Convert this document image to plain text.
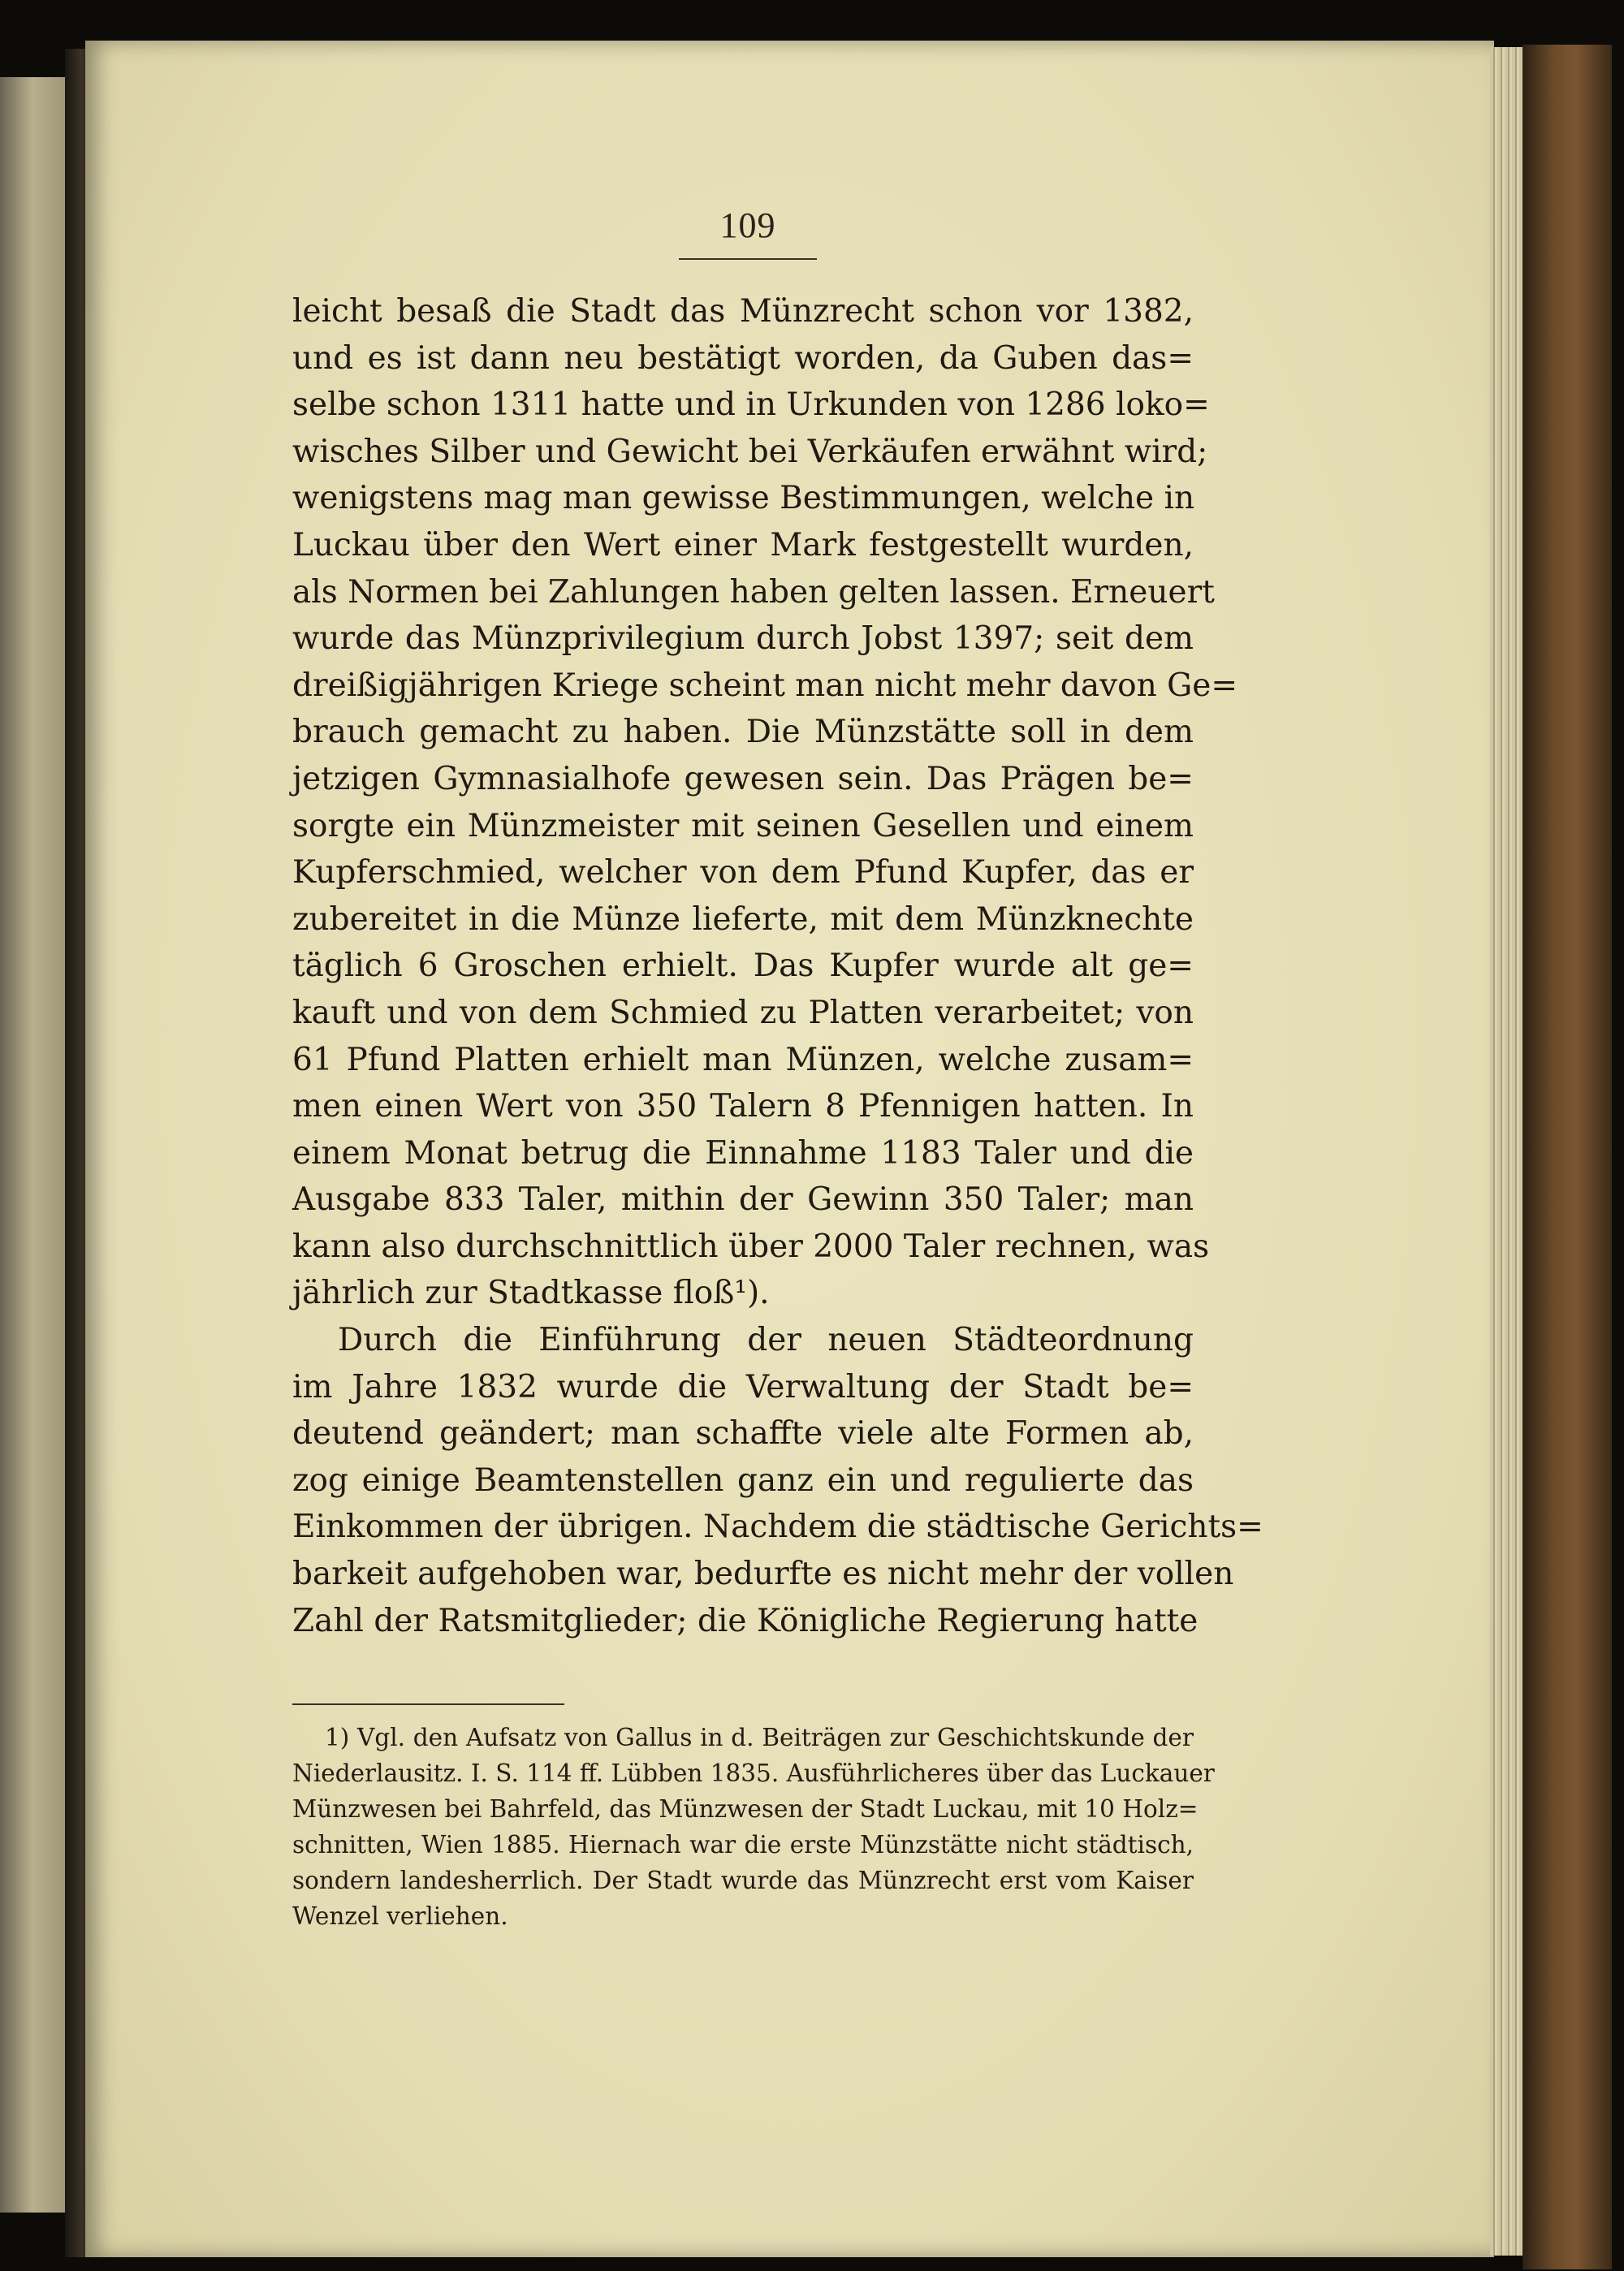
109
leicht besaß die Stadt das Münzrecht schon vor 1382,
und es ist dann neu bestätigt worden, da Guben das=
selbe schon 1311 hatte und in Urkunden von 1286 loko=
wisches Silber und Gewicht bei Verkäufen erwähnt wird;
wenigstens mag man gewisse Bestimmungen, welche in
Luckau über den Wert einer Mark festgestellt wurden,
als Normen bei Zahlungen haben gelten lassen. Erneuert
wurde das Münzprivilegium durch Jobst 1397; seit dem
dreißigjährigen Kriege scheint man nicht mehr davon Ge=
brauch gemacht zu haben. Die Münzstätte soll in dem
jetzigen Gymnasialhofe gewesen sein. Das Prägen be=
sorgte ein Münzmeister mit seinen Gesellen und einem
Kupferschmied, welcher von dem Pfund Kupfer, das er
zubereitet in die Münze lieferte, mit dem Münzknechte
täglich 6 Groschen erhielt. Das Kupfer wurde alt ge=
kauft und von dem Schmied zu Platten verarbeitet; von
61 Pfund Platten erhielt man Münzen, welche zusam=
men einen Wert von 350 Talern 8 Pfennigen hatten. In
einem Monat betrug die Einnahme 1183 Taler und die
Ausgabe 833 Taler, mithin der Gewinn 350 Taler; man
kann also durchschnittlich über 2000 Taler rechnen, was
jährlich zur Stadtkasse floß¹).
Durch die Einführung der neuen Städteordnung
im Jahre 1832 wurde die Verwaltung der Stadt be=
deutend geändert; man schaffte viele alte Formen ab,
zog einige Beamtenstellen ganz ein und regulierte das
Einkommen der übrigen. Nachdem die städtische Gerichts=
barkeit aufgehoben war, bedurfte es nicht mehr der vollen
Zahl der Ratsmitglieder; die Königliche Regierung hatte
1) Vgl. den Aufsatz von Gallus in d. Beiträgen zur Geschichtskunde der
Niederlausitz. I. S. 114 ff. Lübben 1835. Ausführlicheres über das Luckauer
Münzwesen bei Bahrfeld, das Münzwesen der Stadt Luckau, mit 10 Holz=
schnitten, Wien 1885. Hiernach war die erste Münzstätte nicht städtisch,
sondern landesherrlich. Der Stadt wurde das Münzrecht erst vom Kaiser
Wenzel verliehen.
